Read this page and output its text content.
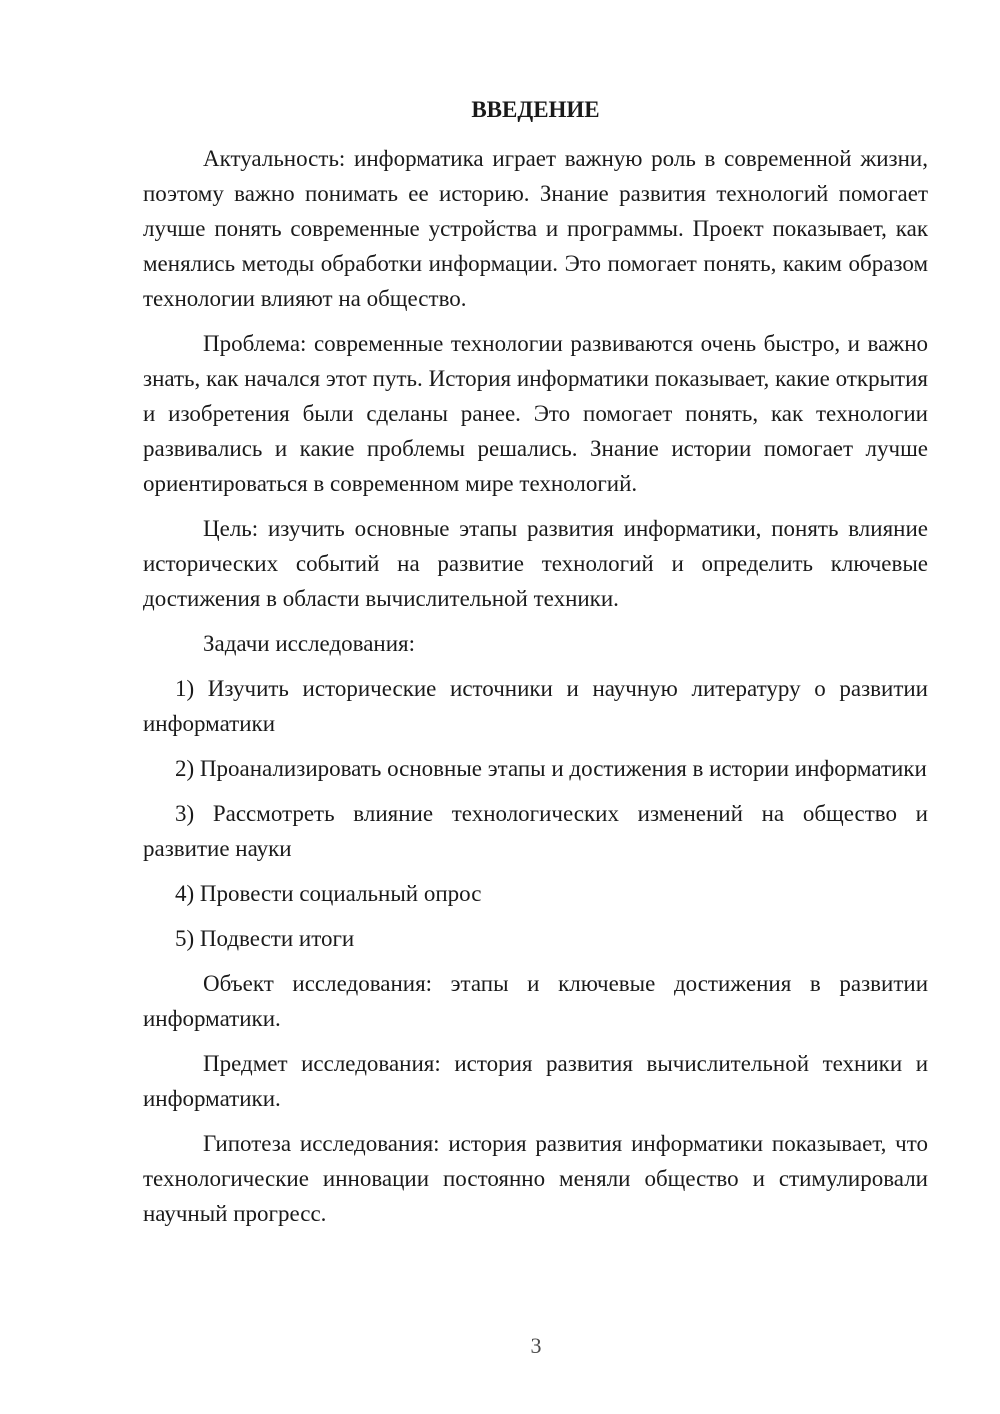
ВВЕДЕНИЕ

Актуальность: информатика играет важную роль в современной жизни, поэтому важно понимать ее историю. Знание развития технологий помогает лучше понять современные устройства и программы. Проект показывает, как менялись методы обработки информации. Это помогает понять, каким образом технологии влияют на общество.

Проблема: современные технологии развиваются очень быстро, и важно знать, как начался этот путь. История информатики показывает, какие открытия и изобретения были сделаны ранее. Это помогает понять, как технологии развивались и какие проблемы решались. Знание истории помогает лучше ориентироваться в современном мире технологий.

Цель: изучить основные этапы развития информатики, понять влияние исторических событий на развитие технологий и определить ключевые достижения в области вычислительной техники.

Задачи исследования:

1) Изучить исторические источники и научную литературу о развитии информатики

2) Проанализировать основные этапы и достижения в истории информатики

3) Рассмотреть влияние технологических изменений на общество и развитие науки

4) Провести социальный опрос

5) Подвести итоги

Объект исследования: этапы и ключевые достижения в развитии информатики.

Предмет исследования: история развития вычислительной техники и информатики.

Гипотеза исследования: история развития информатики показывает, что технологические инновации постоянно меняли общество и стимулировали научный прогресс.

3
